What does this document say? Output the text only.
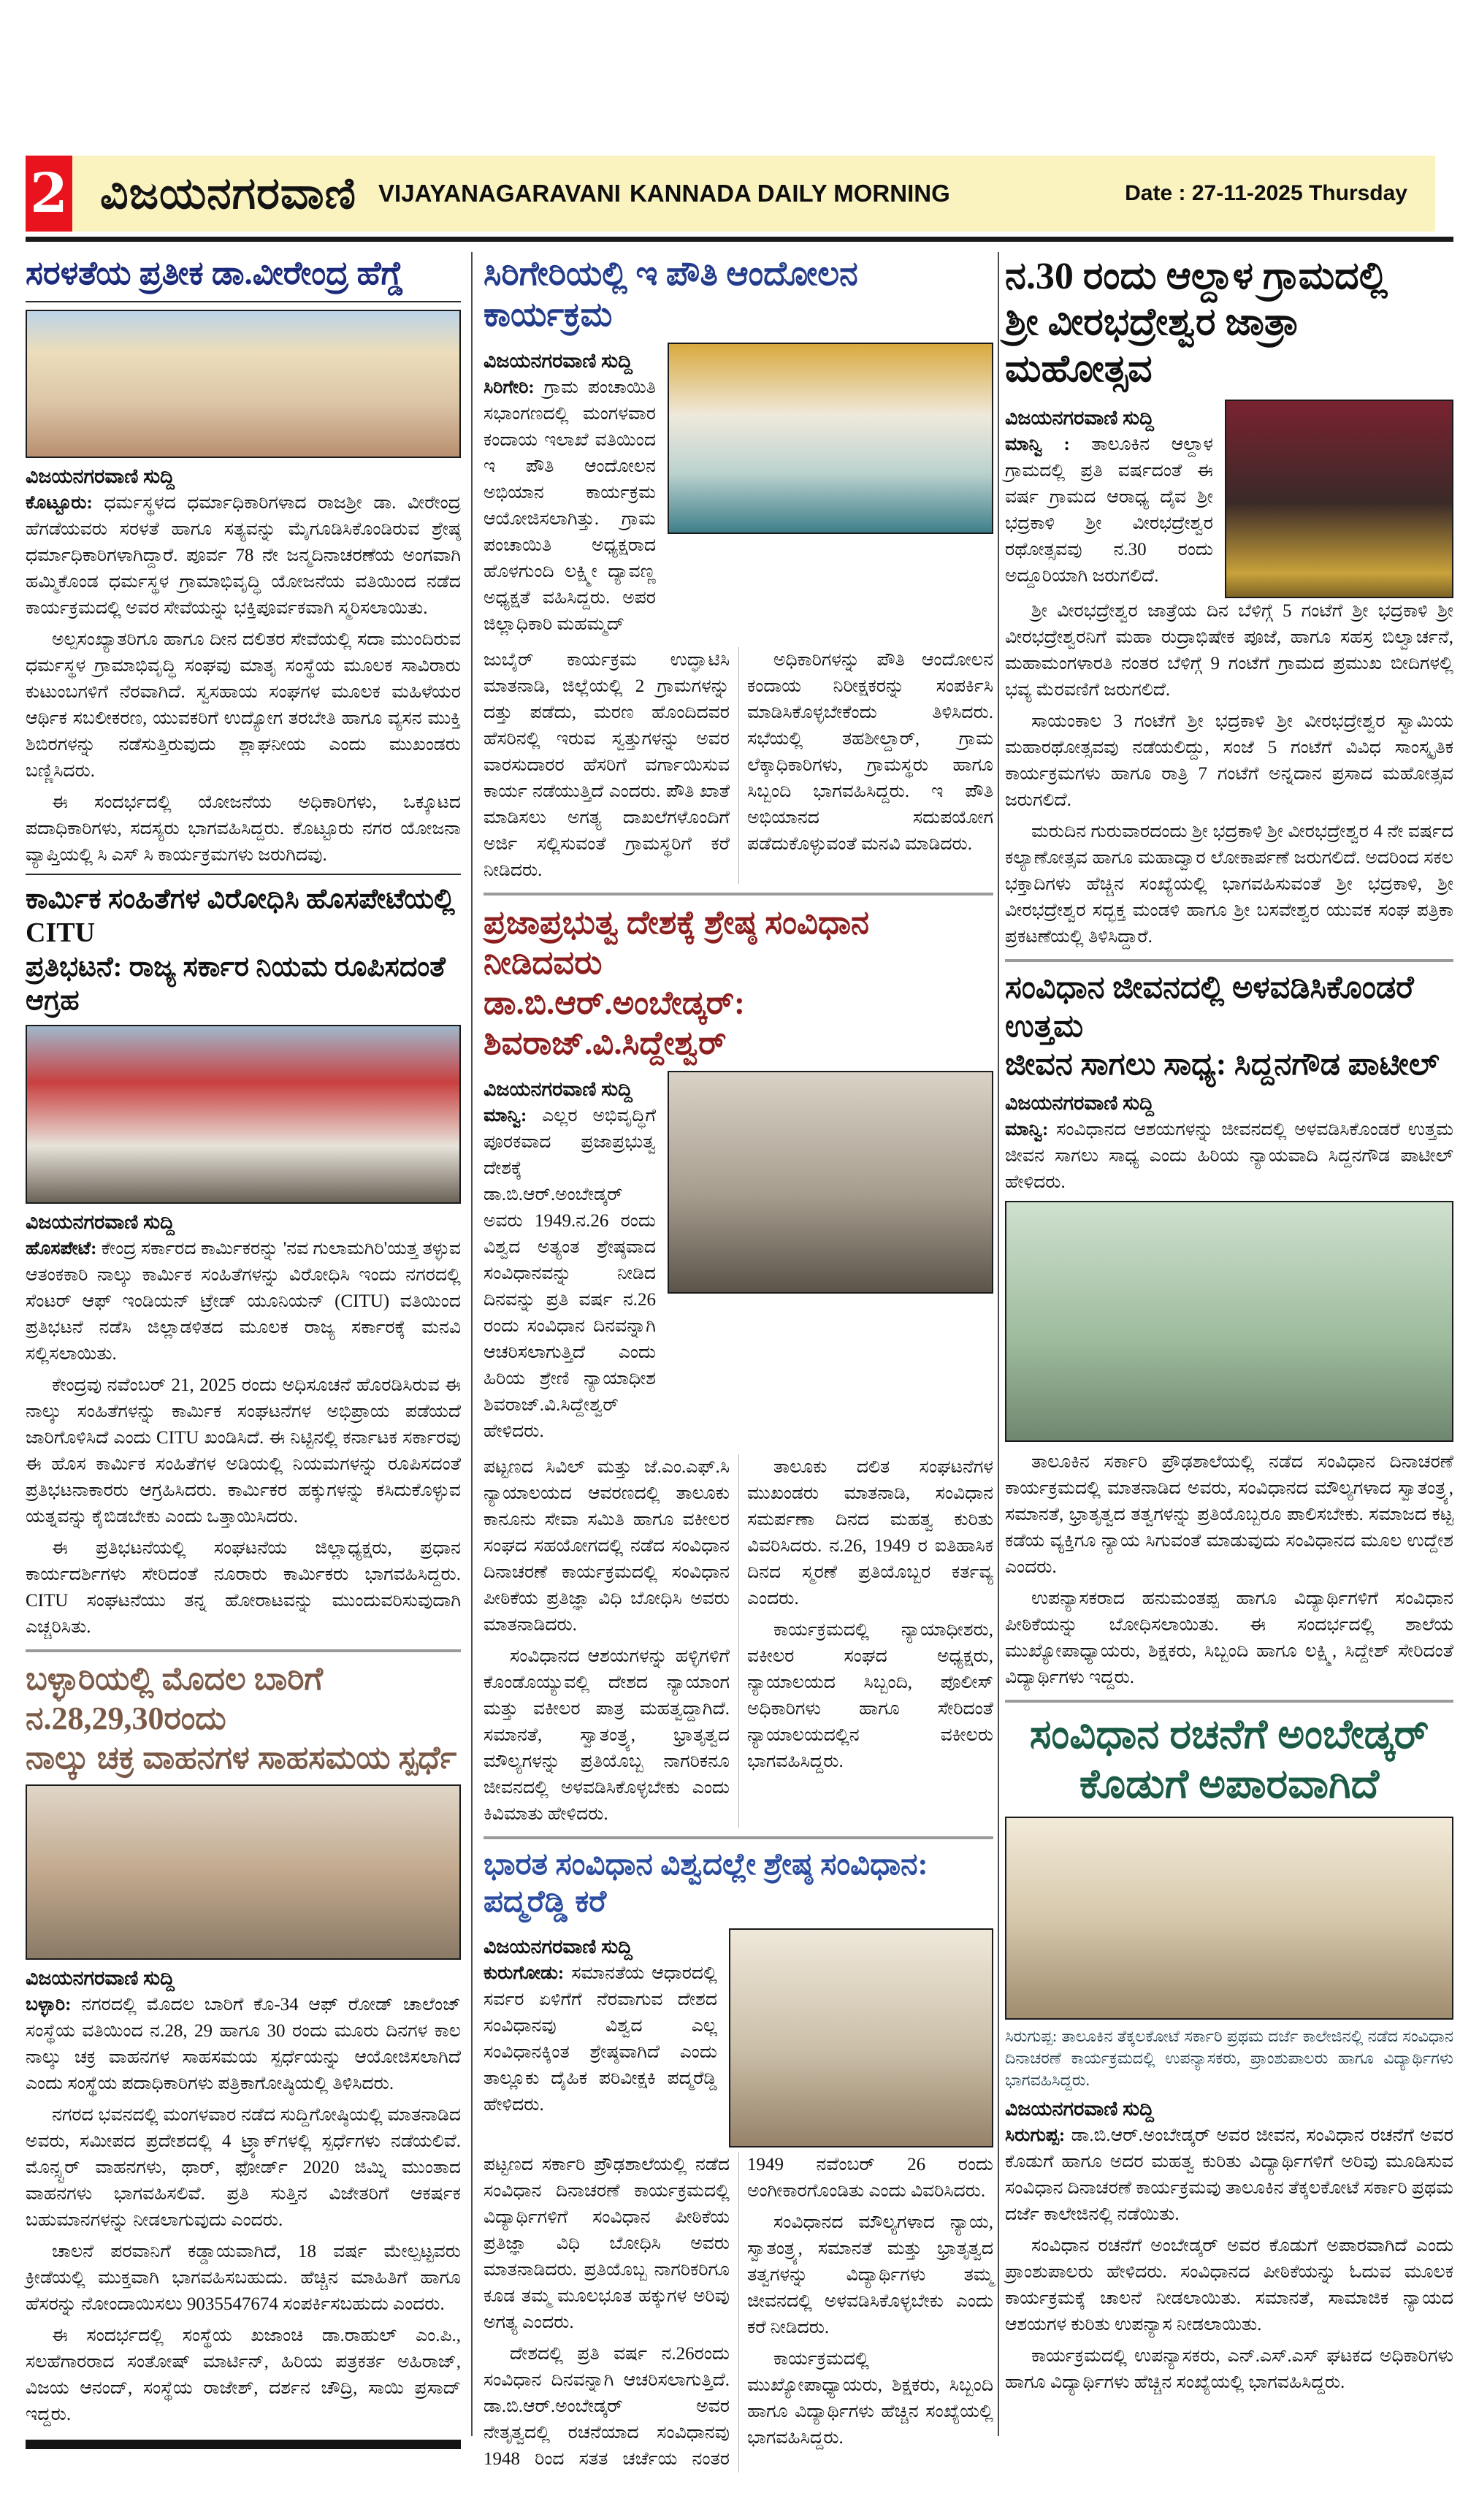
2 ವಿಜಯನಗರವಾಣಿ VIJAYANAGARAVANI KANNADA DAILY MORNING	Date : 27-11-2025 Thursday
ಸರಳತೆಯ ಪ್ರತೀಕ ಡಾ.ವೀರೇಂದ್ರ ಹೆಗ್ಡೆ
ವಿಜಯನಗರವಾಣಿ ಸುದ್ದಿ

ಕೊಟ್ಟೂರು: ಧರ್ಮಸ್ಥಳದ ಧರ್ಮಾಧಿಕಾರಿಗಳಾದ ರಾಜಶ್ರೀ ಡಾ. ವೀರೇಂದ್ರ ಹೆಗಡೆಯವರು ಸರಳತೆ ಹಾಗೂ ಸತ್ಯವನ್ನು ಮೈಗೂಡಿಸಿಕೊಂಡಿರುವ ಶ್ರೇಷ್ಠ ಧರ್ಮಾಧಿಕಾರಿಗಳಾಗಿದ್ದಾರೆ. ಪೂರ್ವ 78 ನೇ ಜನ್ಮದಿನಾಚರಣೆಯ ಅಂಗವಾಗಿ ಹಮ್ಮಿಕೊಂಡ ಧರ್ಮಸ್ಥಳ ಗ್ರಾಮಾಭಿವೃದ್ಧಿ ಯೋಜನೆಯ ವತಿಯಿಂದ ನಡೆದ ಕಾರ್ಯಕ್ರಮದಲ್ಲಿ ಅವರ ಸೇವೆಯನ್ನು ಭಕ್ತಿಪೂರ್ವಕವಾಗಿ ಸ್ಮರಿಸಲಾಯಿತು.

ಅಲ್ಪಸಂಖ್ಯಾತರಿಗೂ ಹಾಗೂ ದೀನ ದಲಿತರ ಸೇವೆಯಲ್ಲಿ ಸದಾ ಮುಂದಿರುವ ಧರ್ಮಸ್ಥಳ ಗ್ರಾಮಾಭಿವೃದ್ಧಿ ಸಂಘವು ಮಾತೃ ಸಂಸ್ಥೆಯ ಮೂಲಕ ಸಾವಿರಾರು ಕುಟುಂಬಗಳಿಗೆ ನೆರವಾಗಿದೆ. ಸ್ವಸಹಾಯ ಸಂಘಗಳ ಮೂಲಕ ಮಹಿಳೆಯರ ಆರ್ಥಿಕ ಸಬಲೀಕರಣ, ಯುವಕರಿಗೆ ಉದ್ಯೋಗ ತರಬೇತಿ ಹಾಗೂ ವ್ಯಸನ ಮುಕ್ತಿ ಶಿಬಿರಗಳನ್ನು ನಡೆಸುತ್ತಿರುವುದು ಶ್ಲಾಘನೀಯ ಎಂದು ಮುಖಂಡರು ಬಣ್ಣಿಸಿದರು.

ಈ ಸಂದರ್ಭದಲ್ಲಿ ಯೋಜನೆಯ ಅಧಿಕಾರಿಗಳು, ಒಕ್ಕೂಟದ ಪದಾಧಿಕಾರಿಗಳು, ಸದಸ್ಯರು ಭಾಗವಹಿಸಿದ್ದರು. ಕೊಟ್ಟೂರು ನಗರ ಯೋಜನಾ ವ್ಯಾಪ್ತಿಯಲ್ಲಿ ಸಿ ಎಸ್ ಸಿ ಕಾರ್ಯಕ್ರಮಗಳು ಜರುಗಿದವು.

ಕಾರ್ಮಿಕ ಸಂಹಿತೆಗಳ ವಿರೋಧಿಸಿ ಹೊಸಪೇಟೆಯಲ್ಲಿ CITU
ಪ್ರತಿಭಟನೆ: ರಾಜ್ಯ ಸರ್ಕಾರ ನಿಯಮ ರೂಪಿಸದಂತೆ ಆಗ್ರಹ
ವಿಜಯನಗರವಾಣಿ ಸುದ್ದಿ

ಹೊಸಪೇಟೆ: ಕೇಂದ್ರ ಸರ್ಕಾರದ ಕಾರ್ಮಿಕರನ್ನು 'ನವ ಗುಲಾಮಗಿರಿ'ಯತ್ತ ತಳ್ಳುವ ಆತಂಕಕಾರಿ ನಾಲ್ಕು ಕಾರ್ಮಿಕ ಸಂಹಿತೆಗಳನ್ನು ವಿರೋಧಿಸಿ ಇಂದು ನಗರದಲ್ಲಿ ಸೆಂಟರ್ ಆಫ್ ಇಂಡಿಯನ್ ಟ್ರೇಡ್ ಯೂನಿಯನ್ (CITU) ವತಿಯಿಂದ ಪ್ರತಿಭಟನೆ ನಡೆಸಿ ಜಿಲ್ಲಾಡಳಿತದ ಮೂಲಕ ರಾಜ್ಯ ಸರ್ಕಾರಕ್ಕೆ ಮನವಿ ಸಲ್ಲಿಸಲಾಯಿತು.

ಕೇಂದ್ರವು ನವೆಂಬರ್ 21, 2025 ರಂದು ಅಧಿಸೂಚನೆ ಹೊರಡಿಸಿರುವ ಈ ನಾಲ್ಕು ಸಂಹಿತೆಗಳನ್ನು ಕಾರ್ಮಿಕ ಸಂಘಟನೆಗಳ ಅಭಿಪ್ರಾಯ ಪಡೆಯದೆ ಜಾರಿಗೊಳಿಸಿದೆ ಎಂದು CITU ಖಂಡಿಸಿದೆ. ಈ ನಿಟ್ಟಿನಲ್ಲಿ ಕರ್ನಾಟಕ ಸರ್ಕಾರವು ಈ ಹೊಸ ಕಾರ್ಮಿಕ ಸಂಹಿತೆಗಳ ಅಡಿಯಲ್ಲಿ ನಿಯಮಗಳನ್ನು ರೂಪಿಸದಂತೆ ಪ್ರತಿಭಟನಾಕಾರರು ಆಗ್ರಹಿಸಿದರು. ಕಾರ್ಮಿಕರ ಹಕ್ಕುಗಳನ್ನು ಕಸಿದುಕೊಳ್ಳುವ ಯತ್ನವನ್ನು ಕೈಬಿಡಬೇಕು ಎಂದು ಒತ್ತಾಯಿಸಿದರು.

ಈ ಪ್ರತಿಭಟನೆಯಲ್ಲಿ ಸಂಘಟನೆಯ ಜಿಲ್ಲಾಧ್ಯಕ್ಷರು, ಪ್ರಧಾನ ಕಾರ್ಯದರ್ಶಿಗಳು ಸೇರಿದಂತೆ ನೂರಾರು ಕಾರ್ಮಿಕರು ಭಾಗವಹಿಸಿದ್ದರು. CITU ಸಂಘಟನೆಯು ತನ್ನ ಹೋರಾಟವನ್ನು ಮುಂದುವರಿಸುವುದಾಗಿ ಎಚ್ಚರಿಸಿತು.

ಬಳ್ಳಾರಿಯಲ್ಲಿ ಮೊದಲ ಬಾರಿಗೆ ನ.28,29,30ರಂದು
ನಾಲ್ಕು ಚಕ್ರ ವಾಹನಗಳ ಸಾಹಸಮಯ ಸ್ಪರ್ಧೆ
ವಿಜಯನಗರವಾಣಿ ಸುದ್ದಿ

ಬಳ್ಳಾರಿ: ನಗರದಲ್ಲಿ ಮೊದಲ ಬಾರಿಗೆ ಕೊ-34 ಆಫ್ ರೋಡ್ ಚಾಲೆಂಜ್ ಸಂಸ್ಥೆಯ ವತಿಯಿಂದ ನ.28, 29 ಹಾಗೂ 30 ರಂದು ಮೂರು ದಿನಗಳ ಕಾಲ ನಾಲ್ಕು ಚಕ್ರ ವಾಹನಗಳ ಸಾಹಸಮಯ ಸ್ಪರ್ಧೆಯನ್ನು ಆಯೋಜಿಸಲಾಗಿದೆ ಎಂದು ಸಂಸ್ಥೆಯ ಪದಾಧಿಕಾರಿಗಳು ಪತ್ರಿಕಾಗೋಷ್ಠಿಯಲ್ಲಿ ತಿಳಿಸಿದರು.

ನಗರದ ಭವನದಲ್ಲಿ ಮಂಗಳವಾರ ನಡೆದ ಸುದ್ದಿಗೋಷ್ಠಿಯಲ್ಲಿ ಮಾತನಾಡಿದ ಅವರು, ಸಮೀಪದ ಪ್ರದೇಶದಲ್ಲಿ 4 ಟ್ರ್ಯಾಕ್‌ಗಳಲ್ಲಿ ಸ್ಪರ್ಧೆಗಳು ನಡೆಯಲಿವೆ. ಮೊನ್ಸ್ಟರ್ ವಾಹನಗಳು, ಥಾರ್, ಫೋರ್ಡ್ 2020 ಜಿಮ್ನಿ ಮುಂತಾದ ವಾಹನಗಳು ಭಾಗವಹಿಸಲಿವೆ. ಪ್ರತಿ ಸುತ್ತಿನ ವಿಜೇತರಿಗೆ ಆಕರ್ಷಕ ಬಹುಮಾನಗಳನ್ನು ನೀಡಲಾಗುವುದು ಎಂದರು.

ಚಾಲನೆ ಪರವಾನಿಗೆ ಕಡ್ಡಾಯವಾಗಿದೆ, 18 ವರ್ಷ ಮೇಲ್ಪಟ್ಟವರು ಕ್ರೀಡೆಯಲ್ಲಿ ಮುಕ್ತವಾಗಿ ಭಾಗವಹಿಸಬಹುದು. ಹೆಚ್ಚಿನ ಮಾಹಿತಿಗೆ ಹಾಗೂ ಹೆಸರನ್ನು ನೋಂದಾಯಿಸಲು 9035547674 ಸಂಪರ್ಕಿಸಬಹುದು ಎಂದರು.

ಈ ಸಂದರ್ಭದಲ್ಲಿ ಸಂಸ್ಥೆಯ ಖಜಾಂಚಿ ಡಾ.ರಾಹುಲ್ ಎಂ.ಪಿ., ಸಲಹೆಗಾರರಾದ ಸಂತೋಷ್ ಮಾರ್ಟಿನ್, ಹಿರಿಯ ಪತ್ರಕರ್ತ ಅಹಿರಾಜ್, ವಿಜಯ ಆನಂದ್, ಸಂಸ್ಥೆಯ ರಾಜೇಶ್, ದರ್ಶನ ಚೌದ್ರಿ, ಸಾಯಿ ಪ್ರಸಾದ್ ಇದ್ದರು.

ಸಿರಿಗೇರಿಯಲ್ಲಿ ಇ ಪೌತಿ ಆಂದೋಲನ ಕಾರ್ಯಕ್ರಮ
ವಿಜಯನಗರವಾಣಿ ಸುದ್ದಿ

ಸಿರಿಗೇರಿ: ಗ್ರಾಮ ಪಂಚಾಯಿತಿ ಸಭಾಂಗಣದಲ್ಲಿ ಮಂಗಳವಾರ ಕಂದಾಯ ಇಲಾಖೆ ವತಿಯಿಂದ ಇ ಪೌತಿ ಆಂದೋಲನ ಅಭಿಯಾನ ಕಾರ್ಯಕ್ರಮ ಆಯೋಜಿಸಲಾಗಿತ್ತು. ಗ್ರಾಮ ಪಂಚಾಯಿತಿ ಅಧ್ಯಕ್ಷರಾದ ಹೊಳಗುಂದಿ ಲಕ್ಷ್ಮೀ ದ್ಯಾವಣ್ಣ ಅಧ್ಯಕ್ಷತೆ ವಹಿಸಿದ್ದರು. ಅಪರ ಜಿಲ್ಲಾಧಿಕಾರಿ ಮಹಮ್ಮದ್

ಜುಬೈರ್ ಕಾರ್ಯಕ್ರಮ ಉದ್ಘಾಟಿಸಿ ಮಾತನಾಡಿ, ಜಿಲ್ಲೆಯಲ್ಲಿ 2 ಗ್ರಾಮಗಳನ್ನು ದತ್ತು ಪಡೆದು, ಮರಣ ಹೊಂದಿದವರ ಹೆಸರಿನಲ್ಲಿ ಇರುವ ಸ್ವತ್ತುಗಳನ್ನು ಅವರ ವಾರಸುದಾರರ ಹೆಸರಿಗೆ ವರ್ಗಾಯಿಸುವ ಕಾರ್ಯ ನಡೆಯುತ್ತಿದೆ ಎಂದರು. ಪೌತಿ ಖಾತೆ ಮಾಡಿಸಲು ಅಗತ್ಯ ದಾಖಲೆಗಳೊಂದಿಗೆ ಅರ್ಜಿ ಸಲ್ಲಿಸುವಂತೆ ಗ್ರಾಮಸ್ಥರಿಗೆ ಕರೆ ನೀಡಿದರು.

ಅಧಿಕಾರಿಗಳನ್ನು ಪೌತಿ ಆಂದೋಲನ ಕಂದಾಯ ನಿರೀಕ್ಷಕರನ್ನು ಸಂಪರ್ಕಿಸಿ ಮಾಡಿಸಿಕೊಳ್ಳಬೇಕೆಂದು ತಿಳಿಸಿದರು. ಸಭೆಯಲ್ಲಿ ತಹಶೀಲ್ದಾರ್, ಗ್ರಾಮ ಲೆಕ್ಕಾಧಿಕಾರಿಗಳು, ಗ್ರಾಮಸ್ಥರು ಹಾಗೂ ಸಿಬ್ಬಂದಿ ಭಾಗವಹಿಸಿದ್ದರು. ಇ ಪೌತಿ ಅಭಿಯಾನದ ಸದುಪಯೋಗ ಪಡೆದುಕೊಳ್ಳುವಂತೆ ಮನವಿ ಮಾಡಿದರು.

ಪ್ರಜಾಪ್ರಭುತ್ವ ದೇಶಕ್ಕೆ ಶ್ರೇಷ್ಠ ಸಂವಿಧಾನ ನೀಡಿದವರು
ಡಾ.ಬಿ.ಆರ್.ಅಂಬೇಡ್ಕರ್: ಶಿವರಾಜ್.ವಿ.ಸಿದ್ದೇಶ್ವರ್
ವಿಜಯನಗರವಾಣಿ ಸುದ್ದಿ

ಮಾನ್ವಿ: ಎಲ್ಲರ ಅಭಿವೃದ್ಧಿಗೆ ಪೂರಕವಾದ ಪ್ರಜಾಪ್ರಭುತ್ವ ದೇಶಕ್ಕೆ ಡಾ.ಬಿ.ಆರ್.ಅಂಬೇಡ್ಕರ್ ಅವರು 1949.ನ.26 ರಂದು ವಿಶ್ವದ ಅತ್ಯಂತ ಶ್ರೇಷ್ಠವಾದ ಸಂವಿಧಾನವನ್ನು ನೀಡಿದ ದಿನವನ್ನು ಪ್ರತಿ ವರ್ಷ ನ.26 ರಂದು ಸಂವಿಧಾನ ದಿನವನ್ನಾಗಿ ಆಚರಿಸಲಾಗುತ್ತಿದೆ ಎಂದು ಹಿರಿಯ ಶ್ರೇಣಿ ನ್ಯಾಯಾಧೀಶ ಶಿವರಾಜ್.ವಿ.ಸಿದ್ದೇಶ್ವರ್ ಹೇಳಿದರು.

ಪಟ್ಟಣದ ಸಿವಿಲ್ ಮತ್ತು ಜೆ.ಎಂ.ಎಫ್.ಸಿ ನ್ಯಾಯಾಲಯದ ಆವರಣದಲ್ಲಿ ತಾಲೂಕು ಕಾನೂನು ಸೇವಾ ಸಮಿತಿ ಹಾಗೂ ವಕೀಲರ ಸಂಘದ ಸಹಯೋಗದಲ್ಲಿ ನಡೆದ ಸಂವಿಧಾನ ದಿನಾಚರಣೆ ಕಾರ್ಯಕ್ರಮದಲ್ಲಿ ಸಂವಿಧಾನ ಪೀಠಿಕೆಯ ಪ್ರತಿಜ್ಞಾ ವಿಧಿ ಬೋಧಿಸಿ ಅವರು ಮಾತನಾಡಿದರು.

ಸಂವಿಧಾನದ ಆಶಯಗಳನ್ನು ಹಳ್ಳಿಗಳಿಗೆ ಕೊಂಡೊಯ್ಯುವಲ್ಲಿ ದೇಶದ ನ್ಯಾಯಾಂಗ ಮತ್ತು ವಕೀಲರ ಪಾತ್ರ ಮಹತ್ವದ್ದಾಗಿದೆ. ಸಮಾನತೆ, ಸ್ವಾತಂತ್ರ್ಯ, ಭ್ರಾತೃತ್ವದ ಮೌಲ್ಯಗಳನ್ನು ಪ್ರತಿಯೊಬ್ಬ ನಾಗರಿಕನೂ ಜೀವನದಲ್ಲಿ ಅಳವಡಿಸಿಕೊಳ್ಳಬೇಕು ಎಂದು ಕಿವಿಮಾತು ಹೇಳಿದರು.

ತಾಲೂಕು ದಲಿತ ಸಂಘಟನೆಗಳ ಮುಖಂಡರು ಮಾತನಾಡಿ, ಸಂವಿಧಾನ ಸಮರ್ಪಣಾ ದಿನದ ಮಹತ್ವ ಕುರಿತು ವಿವರಿಸಿದರು. ನ.26, 1949 ರ ಐತಿಹಾಸಿಕ ದಿನದ ಸ್ಮರಣೆ ಪ್ರತಿಯೊಬ್ಬರ ಕರ್ತವ್ಯ ಎಂದರು.

ಕಾರ್ಯಕ್ರಮದಲ್ಲಿ ನ್ಯಾಯಾಧೀಶರು, ವಕೀಲರ ಸಂಘದ ಅಧ್ಯಕ್ಷರು, ನ್ಯಾಯಾಲಯದ ಸಿಬ್ಬಂದಿ, ಪೊಲೀಸ್ ಅಧಿಕಾರಿಗಳು ಹಾಗೂ ಸೇರಿದಂತೆ ನ್ಯಾಯಾಲಯದಲ್ಲಿನ ವಕೀಲರು ಭಾಗವಹಿಸಿದ್ದರು.

ಭಾರತ ಸಂವಿಧಾನ ವಿಶ್ವದಲ್ಲೇ ಶ್ರೇಷ್ಠ ಸಂವಿಧಾನ: ಪದ್ಮರೆಡ್ಡಿ ಕರೆ
ವಿಜಯನಗರವಾಣಿ ಸುದ್ದಿ

ಕುರುಗೋಡು: ಸಮಾನತೆಯ ಆಧಾರದಲ್ಲಿ ಸರ್ವರ ಏಳಿಗೆಗೆ ನೆರವಾಗುವ ದೇಶದ ಸಂವಿಧಾನವು ವಿಶ್ವದ ಎಲ್ಲ ಸಂವಿಧಾನಕ್ಕಿಂತ ಶ್ರೇಷ್ಠವಾಗಿದೆ ಎಂದು ತಾಲ್ಲೂಕು ದೈಹಿಕ ಪರಿವೀಕ್ಷಕಿ ಪದ್ಮರೆಡ್ಡಿ ಹೇಳಿದರು.

ಪಟ್ಟಣದ ಸರ್ಕಾರಿ ಪ್ರೌಢಶಾಲೆಯಲ್ಲಿ ನಡೆದ ಸಂವಿಧಾನ ದಿನಾಚರಣೆ ಕಾರ್ಯಕ್ರಮದಲ್ಲಿ ವಿದ್ಯಾರ್ಥಿಗಳಿಗೆ ಸಂವಿಧಾನ ಪೀಠಿಕೆಯ ಪ್ರತಿಜ್ಞಾ ವಿಧಿ ಬೋಧಿಸಿ ಅವರು ಮಾತನಾಡಿದರು. ಪ್ರತಿಯೊಬ್ಬ ನಾಗರಿಕರಿಗೂ ಕೂಡ ತಮ್ಮ ಮೂಲಭೂತ ಹಕ್ಕುಗಳ ಅರಿವು ಅಗತ್ಯ ಎಂದರು.

ದೇಶದಲ್ಲಿ ಪ್ರತಿ ವರ್ಷ ನ.26ರಂದು ಸಂವಿಧಾನ ದಿನವನ್ನಾಗಿ ಆಚರಿಸಲಾಗುತ್ತಿದೆ. ಡಾ.ಬಿ.ಆರ್.ಅಂಬೇಡ್ಕರ್ ಅವರ ನೇತೃತ್ವದಲ್ಲಿ ರಚನೆಯಾದ ಸಂವಿಧಾನವು 1948 ರಿಂದ ಸತತ ಚರ್ಚೆಯ ನಂತರ 1949 ನವೆಂಬರ್ 26 ರಂದು ಅಂಗೀಕಾರಗೊಂಡಿತು ಎಂದು ವಿವರಿಸಿದರು.

ಸಂವಿಧಾನದ ಮೌಲ್ಯಗಳಾದ ನ್ಯಾಯ, ಸ್ವಾತಂತ್ರ್ಯ, ಸಮಾನತೆ ಮತ್ತು ಭ್ರಾತೃತ್ವದ ತತ್ವಗಳನ್ನು ವಿದ್ಯಾರ್ಥಿಗಳು ತಮ್ಮ ಜೀವನದಲ್ಲಿ ಅಳವಡಿಸಿಕೊಳ್ಳಬೇಕು ಎಂದು ಕರೆ ನೀಡಿದರು.

ಕಾರ್ಯಕ್ರಮದಲ್ಲಿ ಮುಖ್ಯೋಪಾಧ್ಯಾಯರು, ಶಿಕ್ಷಕರು, ಸಿಬ್ಬಂದಿ ಹಾಗೂ ವಿದ್ಯಾರ್ಥಿಗಳು ಹೆಚ್ಚಿನ ಸಂಖ್ಯೆಯಲ್ಲಿ ಭಾಗವಹಿಸಿದ್ದರು.

ನ.30 ರಂದು ಆಲ್ದಾಳ ಗ್ರಾಮದಲ್ಲಿ
ಶ್ರೀ ವೀರಭದ್ರೇಶ್ವರ ಜಾತ್ರಾ ಮಹೋತ್ಸವ
ವಿಜಯನಗರವಾಣಿ ಸುದ್ದಿ

ಮಾನ್ವಿ : ತಾಲೂಕಿನ ಆಲ್ದಾಳ ಗ್ರಾಮದಲ್ಲಿ ಪ್ರತಿ ವರ್ಷದಂತೆ ಈ ವರ್ಷ ಗ್ರಾಮದ ಆರಾಧ್ಯ ದೈವ ಶ್ರೀ ಭದ್ರಕಾಳಿ ಶ್ರೀ ವೀರಭದ್ರೇಶ್ವರ ರಥೋತ್ಸವವು ನ.30 ರಂದು ಅದ್ದೂರಿಯಾಗಿ ಜರುಗಲಿದೆ.

ಶ್ರೀ ವೀರಭದ್ರೇಶ್ವರ ಜಾತ್ರೆಯ ದಿನ ಬೆಳಿಗ್ಗೆ 5 ಗಂಟೆಗೆ ಶ್ರೀ ಭದ್ರಕಾಳಿ ಶ್ರೀ ವೀರಭದ್ರೇಶ್ವರನಿಗೆ ಮಹಾ ರುದ್ರಾಭಿಷೇಕ ಪೂಜೆ, ಹಾಗೂ ಸಹಸ್ರ ಬಿಲ್ವಾರ್ಚನೆ, ಮಹಾಮಂಗಳಾರತಿ ನಂತರ ಬೆಳಿಗ್ಗೆ 9 ಗಂಟೆಗೆ ಗ್ರಾಮದ ಪ್ರಮುಖ ಬೀದಿಗಳಲ್ಲಿ ಭವ್ಯ ಮೆರವಣಿಗೆ ಜರುಗಲಿದೆ.

ಸಾಯಂಕಾಲ 3 ಗಂಟೆಗೆ ಶ್ರೀ ಭದ್ರಕಾಳಿ ಶ್ರೀ ವೀರಭದ್ರೇಶ್ವರ ಸ್ವಾಮಿಯ ಮಹಾರಥೋತ್ಸವವು ನಡೆಯಲಿದ್ದು, ಸಂಜೆ 5 ಗಂಟೆಗೆ ವಿವಿಧ ಸಾಂಸ್ಕೃತಿಕ ಕಾರ್ಯಕ್ರಮಗಳು ಹಾಗೂ ರಾತ್ರಿ 7 ಗಂಟೆಗೆ ಅನ್ನದಾನ ಪ್ರಸಾದ ಮಹೋತ್ಸವ ಜರುಗಲಿದೆ.

ಮರುದಿನ ಗುರುವಾರದಂದು ಶ್ರೀ ಭದ್ರಕಾಳಿ ಶ್ರೀ ವೀರಭದ್ರೇಶ್ವರ 4 ನೇ ವರ್ಷದ ಕಲ್ಯಾಣೋತ್ಸವ ಹಾಗೂ ಮಹಾದ್ವಾರ ಲೋಕಾರ್ಪಣೆ ಜರುಗಲಿದೆ. ಅದರಿಂದ ಸಕಲ ಭಕ್ತಾದಿಗಳು ಹೆಚ್ಚಿನ ಸಂಖ್ಯೆಯಲ್ಲಿ ಭಾಗವಹಿಸುವಂತೆ ಶ್ರೀ ಭದ್ರಕಾಳಿ, ಶ್ರೀ ವೀರಭದ್ರೇಶ್ವರ ಸದ್ಭಕ್ತ ಮಂಡಳಿ ಹಾಗೂ ಶ್ರೀ ಬಸವೇಶ್ವರ ಯುವಕ ಸಂಘ ಪತ್ರಿಕಾ ಪ್ರಕಟಣೆಯಲ್ಲಿ ತಿಳಿಸಿದ್ದಾರೆ.

ಸಂವಿಧಾನ ಜೀವನದಲ್ಲಿ ಅಳವಡಿಸಿಕೊಂಡರೆ ಉತ್ತಮ
ಜೀವನ ಸಾಗಲು ಸಾಧ್ಯ: ಸಿದ್ದನಗೌಡ ಪಾಟೀಲ್
ವಿಜಯನಗರವಾಣಿ ಸುದ್ದಿ

ಮಾನ್ವಿ: ಸಂವಿಧಾನದ ಆಶಯಗಳನ್ನು ಜೀವನದಲ್ಲಿ ಅಳವಡಿಸಿಕೊಂಡರೆ ಉತ್ತಮ ಜೀವನ ಸಾಗಲು ಸಾಧ್ಯ ಎಂದು ಹಿರಿಯ ನ್ಯಾಯವಾದಿ ಸಿದ್ದನಗೌಡ ಪಾಟೀಲ್ ಹೇಳಿದರು.

ತಾಲೂಕಿನ ಸರ್ಕಾರಿ ಪ್ರೌಢಶಾಲೆಯಲ್ಲಿ ನಡೆದ ಸಂವಿಧಾನ ದಿನಾಚರಣೆ ಕಾರ್ಯಕ್ರಮದಲ್ಲಿ ಮಾತನಾಡಿದ ಅವರು, ಸಂವಿಧಾನದ ಮೌಲ್ಯಗಳಾದ ಸ್ವಾತಂತ್ರ್ಯ, ಸಮಾನತೆ, ಭ್ರಾತೃತ್ವದ ತತ್ವಗಳನ್ನು ಪ್ರತಿಯೊಬ್ಬರೂ ಪಾಲಿಸಬೇಕು. ಸಮಾಜದ ಕಟ್ಟ ಕಡೆಯ ವ್ಯಕ್ತಿಗೂ ನ್ಯಾಯ ಸಿಗುವಂತೆ ಮಾಡುವುದು ಸಂವಿಧಾನದ ಮೂಲ ಉದ್ದೇಶ ಎಂದರು.

ಉಪನ್ಯಾಸಕರಾದ ಹನುಮಂತಪ್ಪ ಹಾಗೂ ವಿದ್ಯಾರ್ಥಿಗಳಿಗೆ ಸಂವಿಧಾನ ಪೀಠಿಕೆಯನ್ನು ಬೋಧಿಸಲಾಯಿತು. ಈ ಸಂದರ್ಭದಲ್ಲಿ ಶಾಲೆಯ ಮುಖ್ಯೋಪಾಧ್ಯಾಯರು, ಶಿಕ್ಷಕರು, ಸಿಬ್ಬಂದಿ ಹಾಗೂ ಲಕ್ಷ್ಮಿ, ಸಿದ್ದೇಶ್ ಸೇರಿದಂತೆ ವಿದ್ಯಾರ್ಥಿಗಳು ಇದ್ದರು.

ಸಂವಿಧಾನ ರಚನೆಗೆ ಅಂಬೇಡ್ಕರ್
ಕೊಡುಗೆ ಅಪಾರವಾಗಿದೆ

ಸಿರುಗುಪ್ಪ: ತಾಲೂಕಿನ ತೆಕ್ಕಲಕೋಟೆ ಸರ್ಕಾರಿ ಪ್ರಥಮ ದರ್ಜೆ ಕಾಲೇಜಿನಲ್ಲಿ ನಡೆದ ಸಂವಿಧಾನ ದಿನಾಚರಣೆ ಕಾರ್ಯಕ್ರಮದಲ್ಲಿ ಉಪನ್ಯಾಸಕರು, ಪ್ರಾಂಶುಪಾಲರು ಹಾಗೂ ವಿದ್ಯಾರ್ಥಿಗಳು ಭಾಗವಹಿಸಿದ್ದರು.

ವಿಜಯನಗರವಾಣಿ ಸುದ್ದಿ

ಸಿರುಗುಪ್ಪ: ಡಾ.ಬಿ.ಆರ್.ಅಂಬೇಡ್ಕರ್ ಅವರ ಜೀವನ, ಸಂವಿಧಾನ ರಚನೆಗೆ ಅವರ ಕೊಡುಗೆ ಹಾಗೂ ಅದರ ಮಹತ್ವ ಕುರಿತು ವಿದ್ಯಾರ್ಥಿಗಳಿಗೆ ಅರಿವು ಮೂಡಿಸುವ ಸಂವಿಧಾನ ದಿನಾಚರಣೆ ಕಾರ್ಯಕ್ರಮವು ತಾಲೂಕಿನ ತೆಕ್ಕಲಕೋಟೆ ಸರ್ಕಾರಿ ಪ್ರಥಮ ದರ್ಜೆ ಕಾಲೇಜಿನಲ್ಲಿ ನಡೆಯಿತು.

ಸಂವಿಧಾನ ರಚನೆಗೆ ಅಂಬೇಡ್ಕರ್ ಅವರ ಕೊಡುಗೆ ಅಪಾರವಾಗಿದೆ ಎಂದು ಪ್ರಾಂಶುಪಾಲರು ಹೇಳಿದರು. ಸಂವಿಧಾನದ ಪೀಠಿಕೆಯನ್ನು ಓದುವ ಮೂಲಕ ಕಾರ್ಯಕ್ರಮಕ್ಕೆ ಚಾಲನೆ ನೀಡಲಾಯಿತು. ಸಮಾನತೆ, ಸಾಮಾಜಿಕ ನ್ಯಾಯದ ಆಶಯಗಳ ಕುರಿತು ಉಪನ್ಯಾಸ ನೀಡಲಾಯಿತು.

ಕಾರ್ಯಕ್ರಮದಲ್ಲಿ ಉಪನ್ಯಾಸಕರು, ಎನ್.ಎಸ್.ಎಸ್ ಘಟಕದ ಅಧಿಕಾರಿಗಳು ಹಾಗೂ ವಿದ್ಯಾರ್ಥಿಗಳು ಹೆಚ್ಚಿನ ಸಂಖ್ಯೆಯಲ್ಲಿ ಭಾಗವಹಿಸಿದ್ದರು.
